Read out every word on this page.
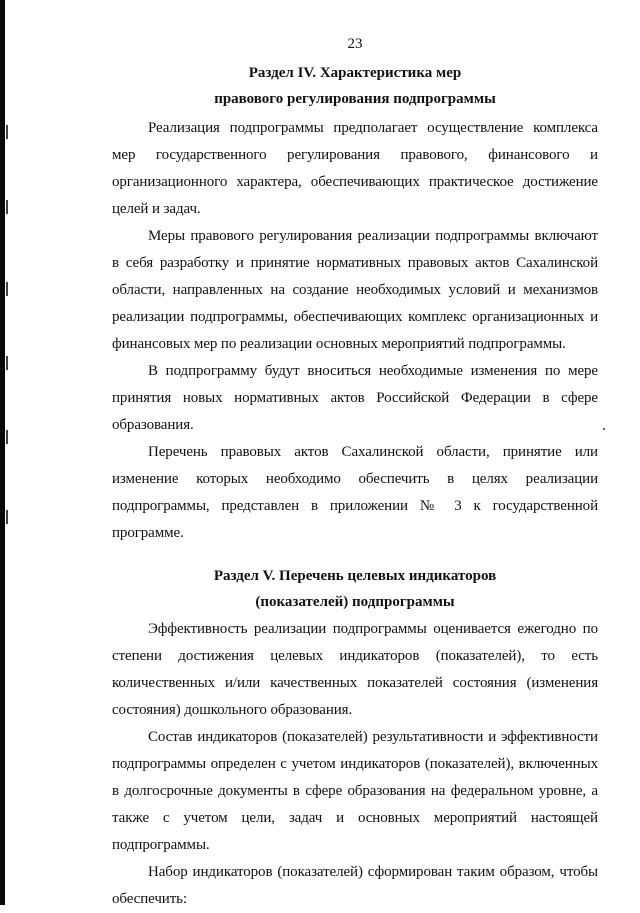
23

Раздел IV. Характеристика мер

правового регулирования подпрограммы

Реализация подпрограммы предполагает осуществление комплекса мер государственного регулирования правового, финансового и организационного характера, обеспечивающих практическое достижение целей и задач.

Меры правового регулирования реализации подпрограммы включают в себя разработку и принятие нормативных правовых актов Сахалинской области, направленных на создание необходимых условий и механизмов реализации подпрограммы, обеспечивающих комплекс организационных и финансовых мер по реализации основных мероприятий подпрограммы.

В подпрограмму будут вноситься необходимые изменения по мере принятия новых нормативных актов Российской Федерации в сфере образования.

Перечень правовых актов Сахалинской области, принятие или изменение которых необходимо обеспечить в целях реализации подпрограммы, представлен в приложении № 3 к государственной программе.

Раздел V. Перечень целевых индикаторов

(показателей) подпрограммы

Эффективность реализации подпрограммы оценивается ежегодно по степени достижения целевых индикаторов (показателей), то есть количественных и/или качественных показателей состояния (изменения состояния) дошкольного образования.

Состав индикаторов (показателей) результативности и эффективности подпрограммы определен с учетом индикаторов (показателей), включенных в долгосрочные документы в сфере образования на федеральном уровне, а также с учетом цели, задач и основных мероприятий настоящей подпрограммы.

Набор индикаторов (показателей) сформирован таким образом, чтобы обеспечить:
